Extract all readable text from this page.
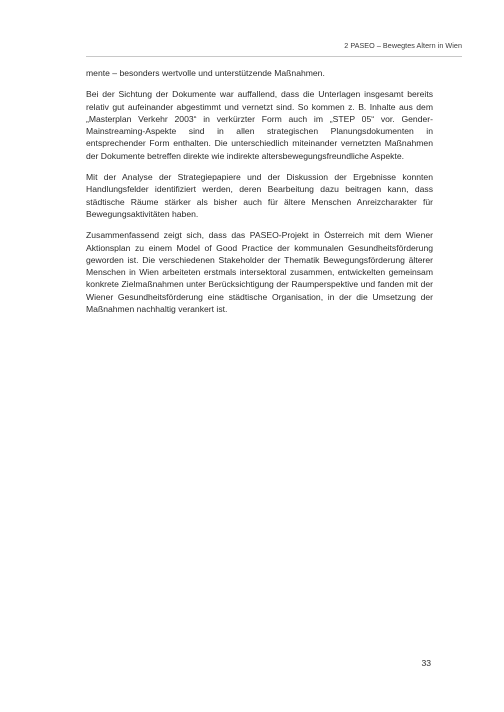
2 PASEO – Bewegtes Altern in Wien

mente – besonders wertvolle und unterstützende Maßnahmen.

Bei der Sichtung der Dokumente war auffallend, dass die Unterlagen insgesamt bereits relativ gut aufeinander abgestimmt und vernetzt sind. So kommen z. B. Inhalte aus dem „Masterplan Verkehr 2003“ in verkürzter Form auch im „STEP 05“ vor. Gender-Mainstreaming-Aspekte sind in allen strategischen Planungsdokumenten in entsprechender Form enthalten. Die unterschiedlich miteinander vernetzten Maßnahmen der Dokumente betreffen direkte wie indirekte altersbewegungsfreundliche Aspekte.

Mit der Analyse der Strategiepapiere und der Diskussion der Ergebnisse konnten Handlungsfelder identifiziert werden, deren Bearbeitung dazu beitragen kann, dass städtische Räume stärker als bisher auch für ältere Menschen Anreizcharakter für Bewegungsaktivitäten haben.

Zusammenfassend zeigt sich, dass das PASEO-Projekt in Österreich mit dem Wiener Aktionsplan zu einem Model of Good Practice der kommunalen Gesundheitsförderung geworden ist. Die verschiedenen Stakeholder der Thematik Bewegungsförderung älterer Menschen in Wien arbeiteten erstmals intersektoral zusammen, entwickelten gemeinsam konkrete Zielmaßnahmen unter Berücksichtigung der Raumperspektive und fanden mit der Wiener Gesundheitsförderung eine städtische Organisation, in der die Umsetzung der Maßnahmen nachhaltig verankert ist.

33
